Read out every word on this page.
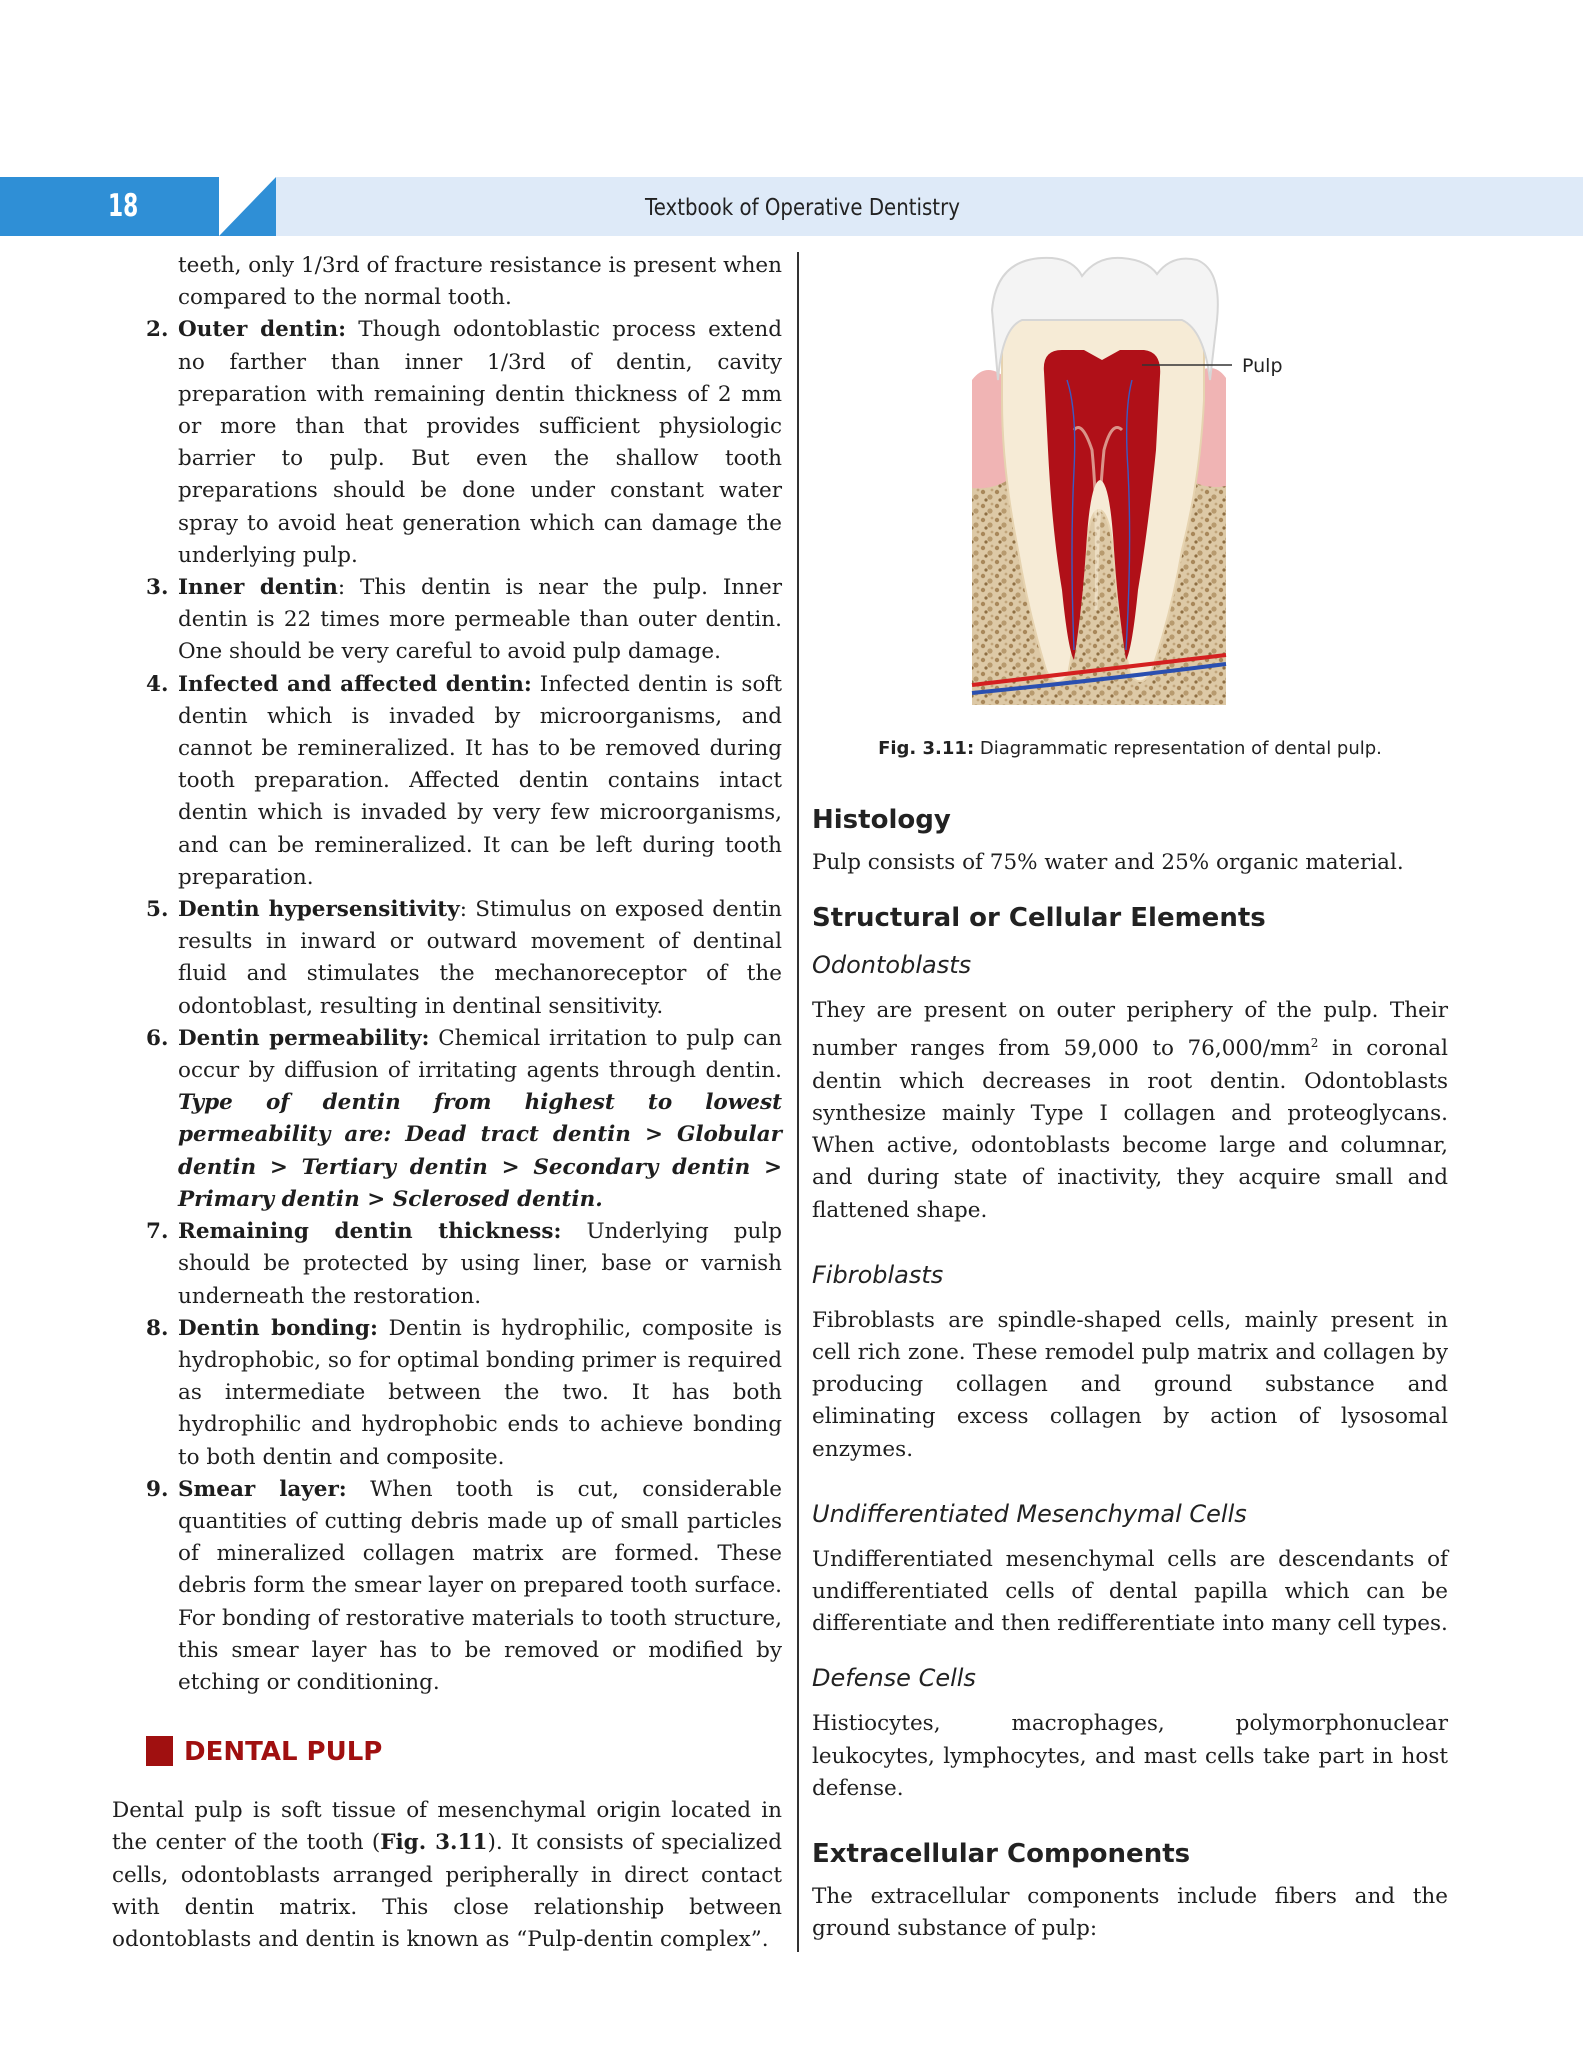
18	Textbook of Operative Dentistry
teeth, only 1/3rd of fracture resistance is present when compared to the normal tooth.
2. Outer dentin: Though odontoblastic process extend no farther than inner 1/3rd of dentin, cavity preparation with remaining dentin thickness of 2 mm or more than that provides sufficient physiologic barrier to pulp. But even the shallow tooth preparations should be done under constant water spray to avoid heat generation which can damage the underlying pulp.
3. Inner dentin: This dentin is near the pulp. Inner dentin is 22 times more permeable than outer dentin. One should be very careful to avoid pulp damage.
4. Infected and affected dentin: Infected dentin is soft dentin which is invaded by microorganisms, and cannot be remineralized. It has to be removed during tooth preparation. Affected dentin contains intact dentin which is invaded by very few microorganisms, and can be remineralized. It can be left during tooth preparation.
5. Dentin hypersensitivity: Stimulus on exposed dentin results in inward or outward movement of dentinal fluid and stimulates the mechanoreceptor of the odontoblast, resulting in dentinal sensitivity.
6. Dentin permeability: Chemical irritation to pulp can occur by diffusion of irritating agents through dentin. Type of dentin from highest to lowest permeability are: Dead tract dentin > Globular dentin > Tertiary dentin > Secondary dentin > Primary dentin > Sclerosed dentin.
7. Remaining dentin thickness: Underlying pulp should be protected by using liner, base or varnish underneath the restoration.
8. Dentin bonding: Dentin is hydrophilic, composite is hydrophobic, so for optimal bonding primer is required as intermediate between the two. It has both hydrophilic and hydrophobic ends to achieve bonding to both dentin and composite.
9. Smear layer: When tooth is cut, considerable quantities of cutting debris made up of small particles of mineralized collagen matrix are formed. These debris form the smear layer on prepared tooth surface. For bonding of restorative materials to tooth structure, this smear layer has to be removed or modified by etching or conditioning.
DENTAL PULP

Dental pulp is soft tissue of mesenchymal origin located in the center of the tooth (Fig. 3.11). It consists of specialized cells, odontoblasts arranged peripherally in direct contact with dentin matrix. This close relationship between odontoblasts and dentin is known as “Pulp-dentin complex”.

Pulp
Fig. 3.11: Diagrammatic representation of dental pulp.
Histology

Pulp consists of 75% water and 25% organic material.

Structural or Cellular Elements
Odontoblasts

They are present on outer periphery of the pulp. Their number ranges from 59,000 to $76,000/mm^2$ in coronal dentin which decreases in root dentin. Odontoblasts synthesize mainly Type I collagen and proteoglycans. When active, odontoblasts become large and columnar, and during state of inactivity, they acquire small and flattened shape.

Fibroblasts

Fibroblasts are spindle-shaped cells, mainly present in cell rich zone. These remodel pulp matrix and collagen by producing collagen and ground substance and eliminating excess collagen by action of lysosomal enzymes.

Undifferentiated Mesenchymal Cells

Undifferentiated mesenchymal cells are descendants of undifferentiated cells of dental papilla which can be differentiate and then redifferentiate into many cell types.

Defense Cells

Histiocytes, macrophages, polymorphonuclear leukocytes, lymphocytes, and mast cells take part in host defense.

Extracellular Components

The extracellular components include fibers and the ground substance of pulp:
